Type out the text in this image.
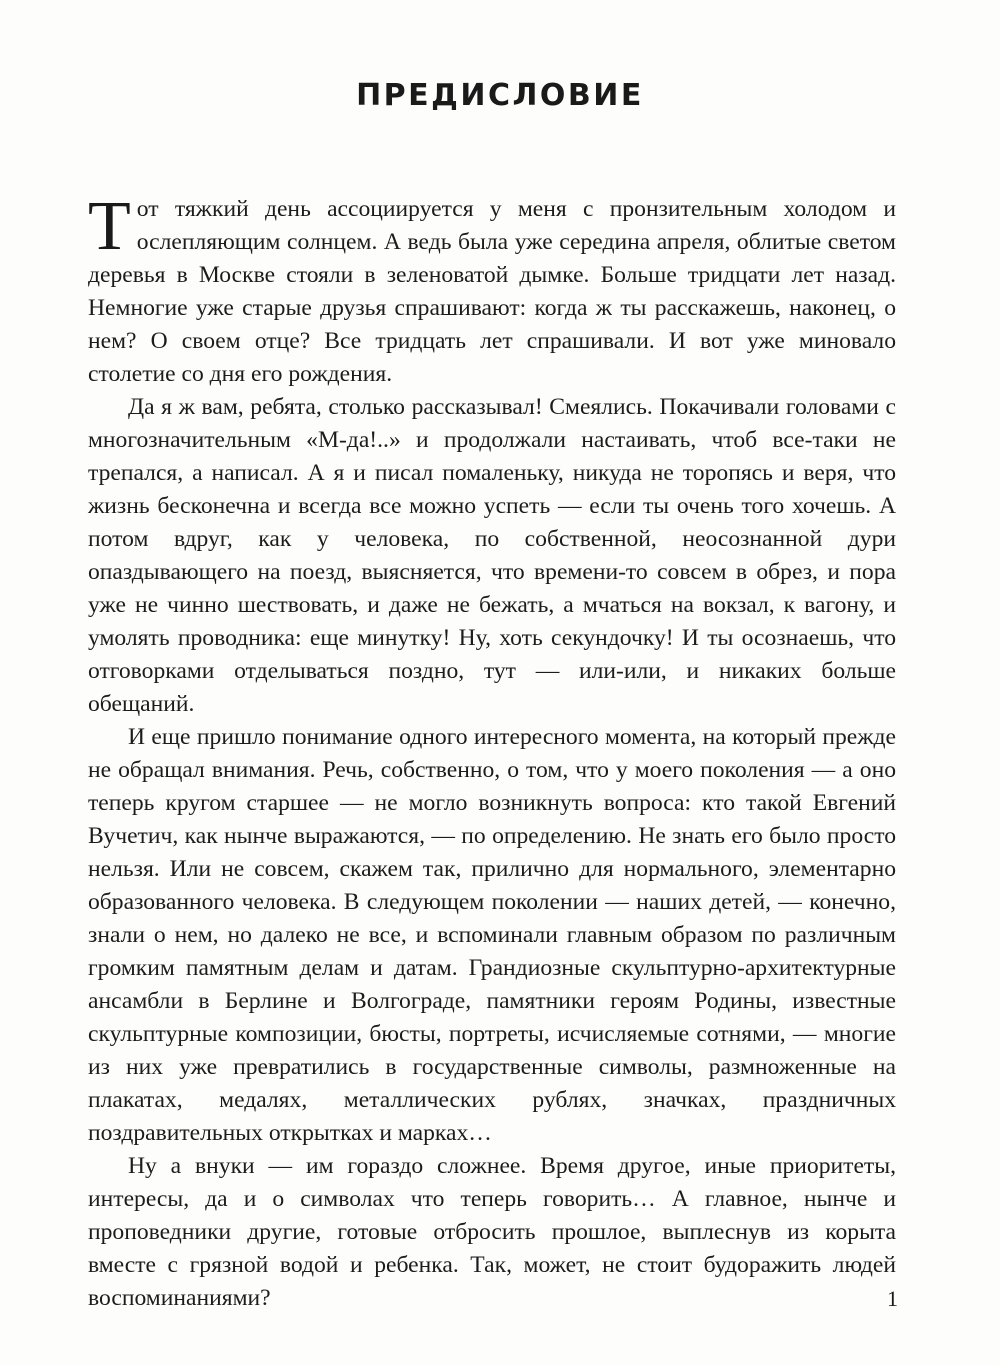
ПРЕДИСЛОВИЕ

Тот тяжкий день ассоциируется у меня с пронзительным холодом и ослепляющим солнцем. А ведь была уже середина апреля, облитые светом деревья в Москве стояли в зеленоватой дымке. Больше тридцати лет назад. Немногие уже старые друзья спрашивают: когда ж ты расскажешь, наконец, о нем? О своем отце? Все тридцать лет спрашивали. И вот уже миновало столетие со дня его рождения.

Да я ж вам, ребята, столько рассказывал! Смеялись. Покачивали головами с многозначительным «М-да!..» и продолжали настаивать, чтоб все-таки не трепался, а написал. А я и писал помаленьку, никуда не торопясь и веря, что жизнь бесконечна и всегда все можно успеть — если ты очень того хочешь. А потом вдруг, как у человека, по собственной, неосознанной дури опаздывающего на поезд, выясняется, что времени-то совсем в обрез, и пора уже не чинно шествовать, и даже не бежать, а мчаться на вокзал, к вагону, и умолять проводника: еще минутку! Ну, хоть секундочку! И ты осознаешь, что отговорками отделываться поздно, тут — или-или, и никаких больше обещаний.

И еще пришло понимание одного интересного момента, на который прежде не обращал внимания. Речь, собственно, о том, что у моего поколения — а оно теперь кругом старшее — не могло возникнуть вопроса: кто такой Евгений Вучетич, как нынче выражаются, — по определению. Не знать его было просто нельзя. Или не совсем, скажем так, прилично для нормального, элементарно образованного человека. В следующем поколении — наших детей, — конечно, знали о нем, но далеко не все, и вспоминали главным образом по различным громким памятным делам и датам. Грандиозные скульптурно-архитектурные ансамбли в Берлине и Волгограде, памятники героям Родины, известные скульптурные композиции, бюсты, портреты, исчисляемые сотнями, — многие из них уже превратились в государственные символы, размноженные на плакатах, медалях, металлических рублях, значках, праздничных поздравительных открытках и марках…

Ну а внуки — им гораздо сложнее. Время другое, иные приоритеты, интересы, да и о символах что теперь говорить… А главное, нынче и проповедники другие, готовые отбросить прошлое, выплеснув из корыта вместе с грязной водой и ребенка. Так, может, не стоит будоражить людей воспоминаниями?	1
